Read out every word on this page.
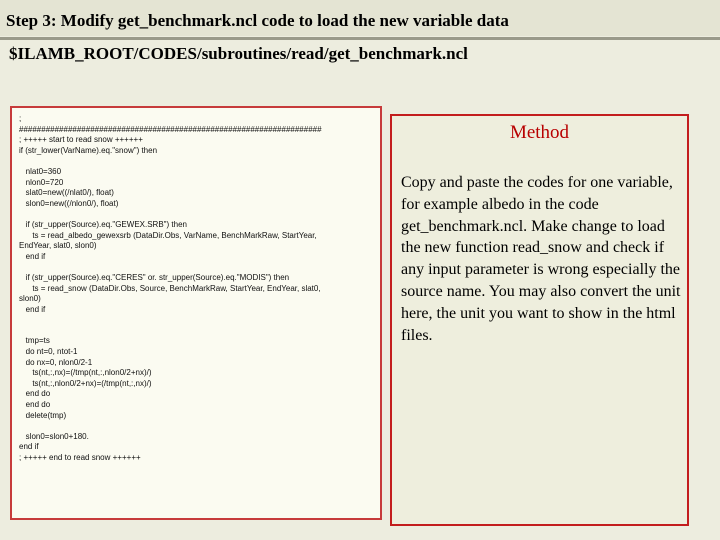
Step 3: Modify get_benchmark.ncl code to load the new variable data

$ILAMB_ROOT/CODES/subroutines/read/get_benchmark.ncl

;
####################################################################
; +++++ start to read snow ++++++
if (str_lower(VarName).eq."snow") then

nlat0=360
nlon0=720
slat0=new((/nlat0/), float)
slon0=new((/nlon0/), float)

if (str_upper(Source).eq."GEWEX.SRB") then
ts = read_albedo_gewexsrb (DataDir.Obs, VarName, BenchMarkRaw, StartYear,
EndYear, slat0, slon0)
end if

if (str_upper(Source).eq."CERES" or. str_upper(Source).eq."MODIS") then
ts = read_snow (DataDir.Obs, Source, BenchMarkRaw, StartYear, EndYear, slat0,
slon0)
end if

tmp=ts
do nt=0, ntot-1
do nx=0, nlon0/2-1
ts(nt,:,nx)=(/tmp(nt,:,nlon0/2+nx)/)
ts(nt,:,nlon0/2+nx)=(/tmp(nt,:,nx)/)
end do
end do
delete(tmp)

slon0=slon0+180.
end if
; +++++ end to read snow ++++++
Method

Copy and paste the codes for one variable, for example albedo in the code get_benchmark.ncl. Make change to load the new function read_snow and check if any input parameter is wrong especially the source name. You may also convert the unit here, the unit you want to show in the html files.
